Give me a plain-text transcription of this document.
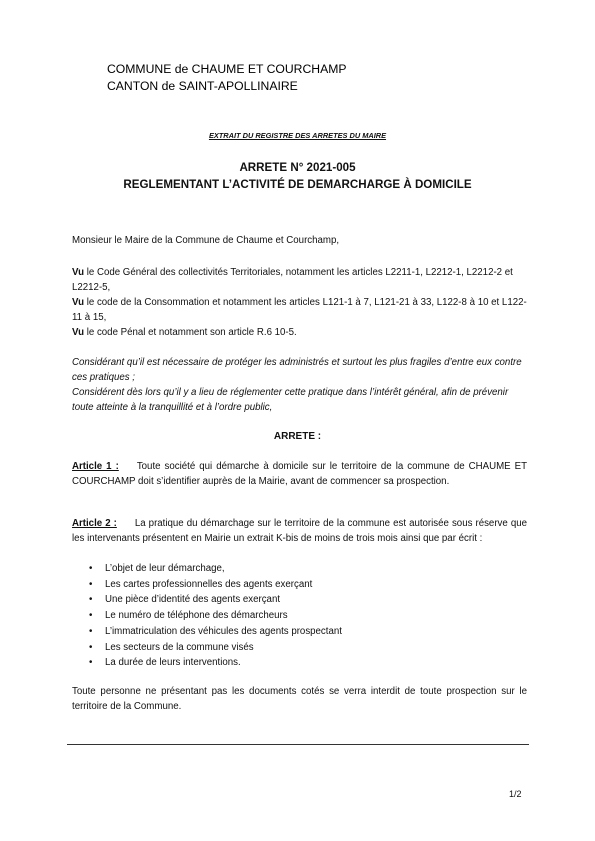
COMMUNE de CHAUME ET COURCHAMP
CANTON de SAINT-APOLLINAIRE
EXTRAIT DU REGISTRE DES ARRETES DU MAIRE
ARRETE N° 2021-005
REGLEMENTANT L’ACTIVITÉ DE DEMARCHARGE À DOMICILE

Monsieur le Maire de la Commune de Chaume et Courchamp,

Vu le Code Général des collectivités Territoriales, notamment les articles L2211-1, L2212-1, L2212-2 et L2212-5,

Vu le code de la Consommation et notamment les articles L121-1 à 7, L121-21 à 33, L122-8 à 10 et L122-11 à 15,

Vu le code Pénal et notamment son article R.6 10-5.

Considérant qu’il est nécessaire de protéger les administrés et surtout les plus fragiles d’entre eux contre ces pratiques ;

Considérent dès lors qu’il y a lieu de réglementer cette pratique dans l’intérêt général, afin de prévenir toute atteinte à la tranquillité et à l’ordre public,

ARRETE :

Article 1 : Toute société qui démarche à domicile sur le territoire de la commune de CHAUME ET COURCHAMP doit s’identifier auprès de la Mairie, avant de commencer sa prospection.

Article 2 : La pratique du démarchage sur le territoire de la commune est autorisée sous réserve que les intervenants présentent en Mairie un extrait K-bis de moins de trois mois ainsi que par écrit :

• L’objet de leur démarchage,
• Les cartes professionnelles des agents exerçant
• Une pièce d’identité des agents exerçant
• Le numéro de téléphone des démarcheurs
• L’immatriculation des véhicules des agents prospectant
• Les secteurs de la commune visés
• La durée de leurs interventions.

Toute personne ne présentant pas les documents cotés se verra interdit de toute prospection sur le territoire de la Commune.

1/2
